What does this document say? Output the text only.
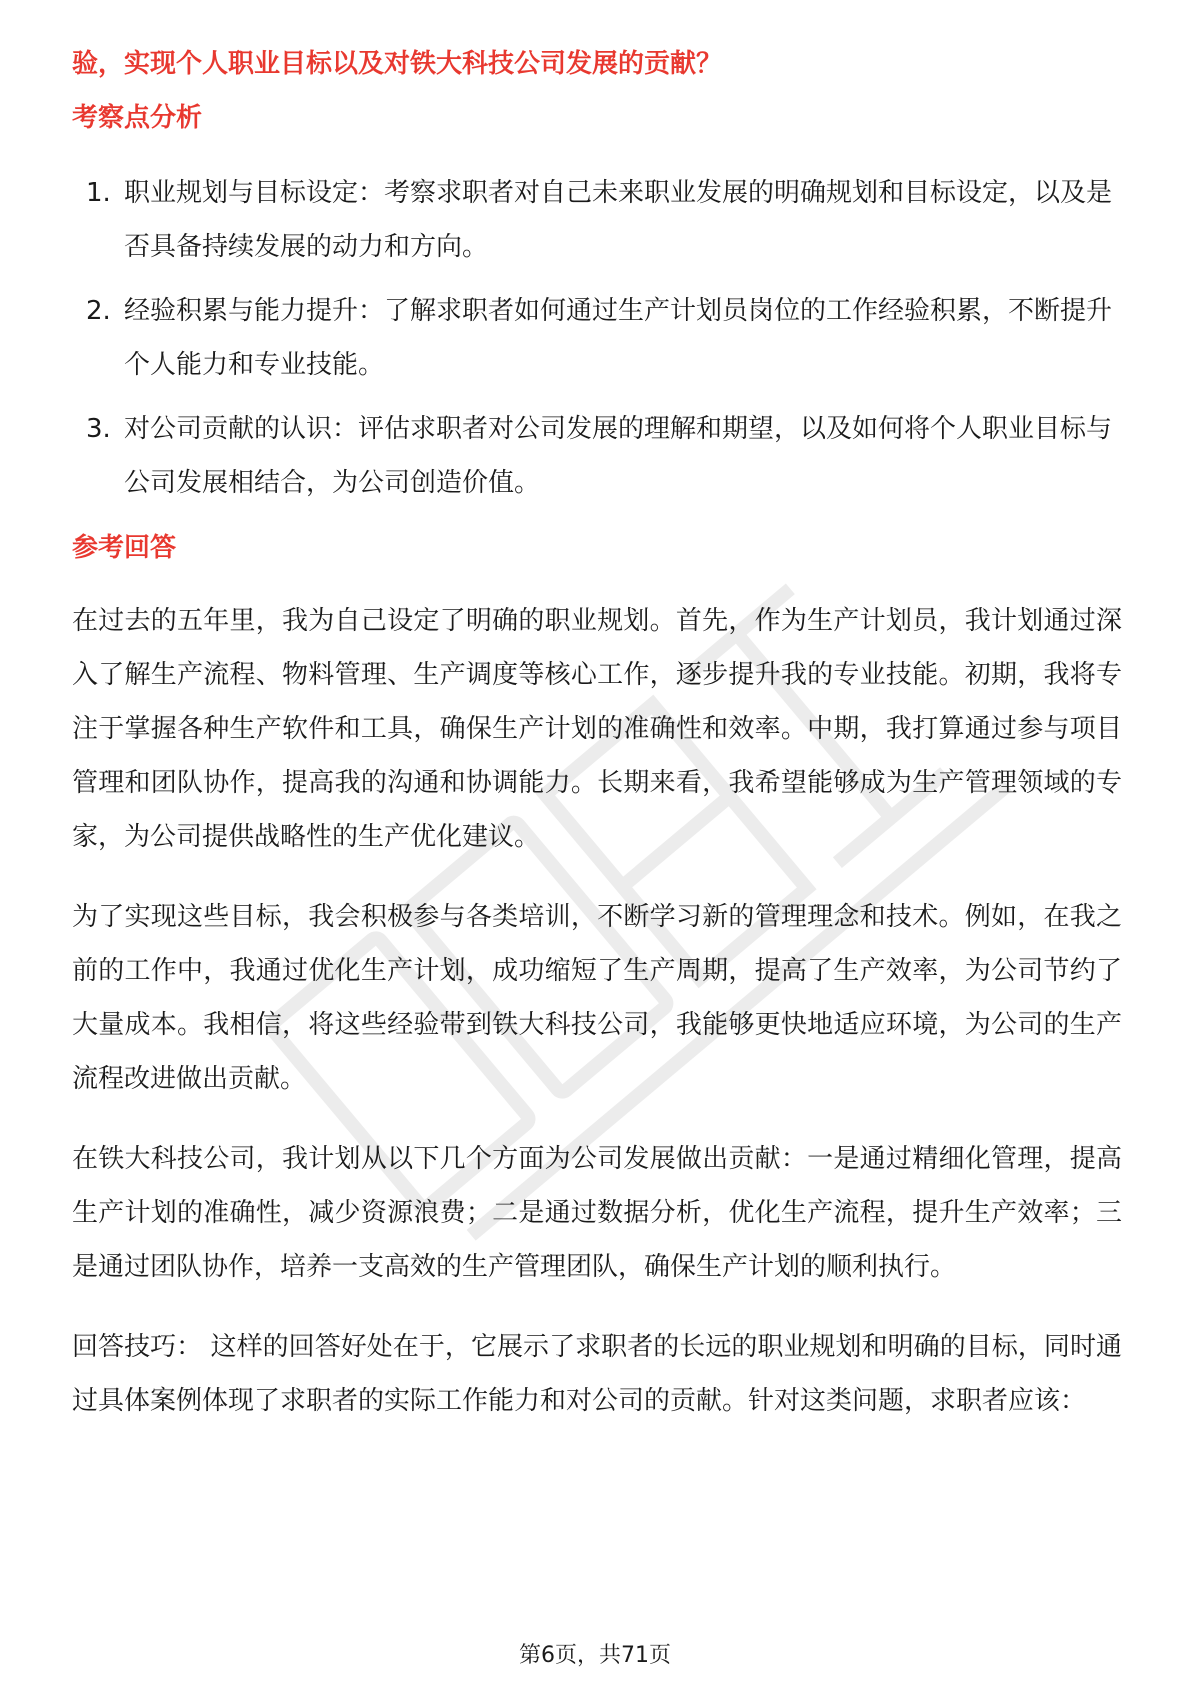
验，实现个人职业目标以及对铁大科技公司发展的贡献？
考察点分析
1. 职业规划与目标设定：考察求职者对自己未来职业发展的明确规划和目标设定，以及是否具备持续发展的动力和方向。
2. 经验积累与能力提升：了解求职者如何通过生产计划员岗位的工作经验积累，不断提升个人能力和专业技能。
3. 对公司贡献的认识：评估求职者对公司发展的理解和期望，以及如何将个人职业目标与公司发展相结合，为公司创造价值。
参考回答

在过去的五年里，我为自己设定了明确的职业规划。首先，作为生产计划员，我计划通过深入了解生产流程、物料管理、生产调度等核心工作，逐步提升我的专业技能。初期，我将专注于掌握各种生产软件和工具，确保生产计划的准确性和效率。中期，我打算通过参与项目管理和团队协作，提高我的沟通和协调能力。长期来看，我希望能够成为生产管理领域的专家，为公司提供战略性的生产优化建议。

为了实现这些目标，我会积极参与各类培训，不断学习新的管理理念和技术。例如，在我之前的工作中，我通过优化生产计划，成功缩短了生产周期，提高了生产效率，为公司节约了大量成本。我相信，将这些经验带到铁大科技公司，我能够更快地适应环境，为公司的生产流程改进做出贡献。

在铁大科技公司，我计划从以下几个方面为公司发展做出贡献：一是通过精细化管理，提高生产计划的准确性，减少资源浪费；二是通过数据分析，优化生产流程，提升生产效率；三是通过团队协作，培养一支高效的生产管理团队，确保生产计划的顺利执行。

回答技巧： 这样的回答好处在于，它展示了求职者的长远的职业规划和明确的目标，同时通过具体案例体现了求职者的实际工作能力和对公司的贡献。针对这类问题，求职者应该：

第6页，共71页
